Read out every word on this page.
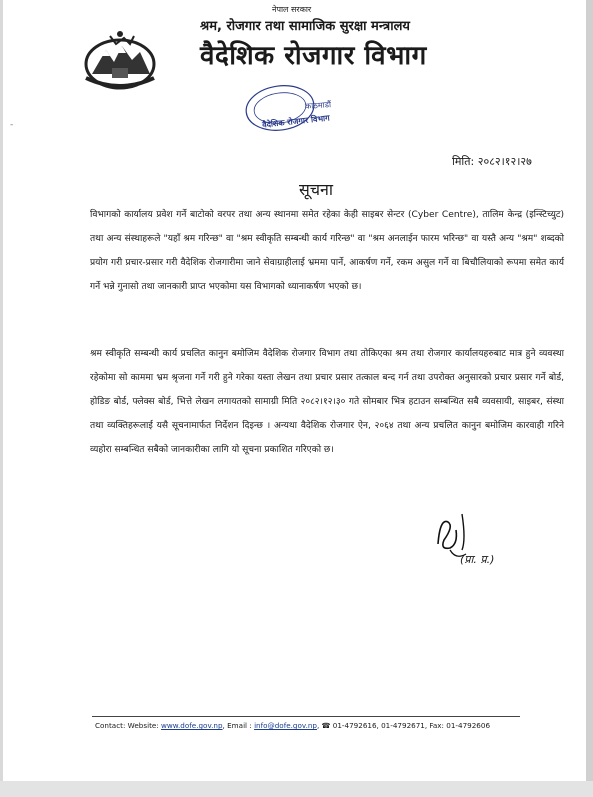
-
नेपाल सरकार
श्रम, रोजगार तथा सामाजिक सुरक्षा मन्त्रालय
वैदेशिक रोजगार विभाग
वैदेशिक रोजगार विभाग
काठमाडौं
मिति: २०८२।१२।२७
सूचना
विभागको कार्यालय प्रवेश गर्ने बाटोको वरपर तथा अन्य स्थानमा समेत रहेका केही साइबर सेन्टर (Cyber Centre), तालिम केन्द्र (इन्स्टिच्युट) तथा अन्य संस्थाहरूले "यहाँ श्रम गरिन्छ" वा "श्रम स्वीकृति सम्बन्धी कार्य गरिन्छ" वा "श्रम अनलाईन फारम भरिन्छ" वा यस्तै अन्य "श्रम" शब्दको प्रयोग गरी प्रचार-प्रसार गरी वैदेशिक रोजगारीमा जाने सेवाग्राहीलाई भ्रममा पार्ने, आकर्षण गर्ने, रकम असुल गर्ने वा बिचौलियाको रूपमा समेत कार्य गर्ने भन्ने गुनासो तथा जानकारी प्राप्त भएकोमा यस विभागको ध्यानाकर्षण भएको छ।
श्रम स्वीकृति सम्बन्धी कार्य प्रचलित कानुन बमोजिम वैदेशिक रोजगार विभाग तथा तोकिएका श्रम तथा रोजगार कार्यालयहरुबाट मात्र हुने व्यवस्था रहेकोमा सो काममा भ्रम श्रृजना गर्ने गरी हुने गरेका यस्ता लेखन तथा प्रचार प्रसार तत्काल बन्द गर्न तथा उपरोक्त अनुसारको प्रचार प्रसार गर्ने बोर्ड, होडिङ बोर्ड, फ्लेक्स बोर्ड, भित्ते लेखन लगायतको सामाग्री मिति २०८२।१२।३० गते सोमबार भित्र हटाउन सम्बन्धित सबै व्यवसायी, साइबर, संस्था तथा व्यक्तिहरूलाई यसै सूचनामार्फत निर्देशन दिइन्छ । अन्यथा वैदेशिक रोजगार ऐन, २०६४ तथा अन्य प्रचलित कानुन बमोजिम कारवाही गरिने व्यहोरा सम्बन्धित सबैको जानकारीका लागि यो सूचना प्रकाशित गरिएको छ।
(प्रा. प्र.)
Contact: Website: www.dofe.gov.np, Email : info@dofe.gov.np, ☎ 01-4792616, 01-4792671, Fax: 01-4792606
